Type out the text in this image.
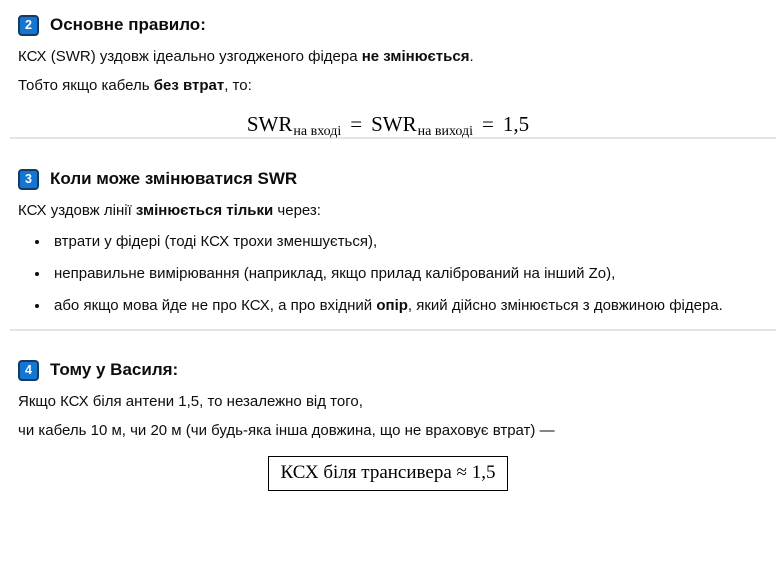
2	Основне правило:

КСХ (SWR) уздовж ідеально узгодженого фідера не змінюється.

Тобто якщо кабель без втрат, то:

$SWR_{на вході} = SWR_{на виході} = 1,5$
3	Коли може змінюватися SWR

КСХ уздовж лінії змінюється тільки через:

• втрати у фідері (тоді КСХ трохи зменшується),
• неправильне вимірювання (наприклад, якщо прилад калібрований на інший Zo),
• або якщо мова йде не про КСХ, а про вхідний опір, який дійсно змінюється з довжиною фідера.
4	Тому у Василя:

Якщо КСХ біля антени 1,5, то незалежно від того,

чи кабель 10 м, чи 20 м (чи будь-яка інша довжина, що не враховує втрат) —

КСХ біля трансивера ≈ 1,5
